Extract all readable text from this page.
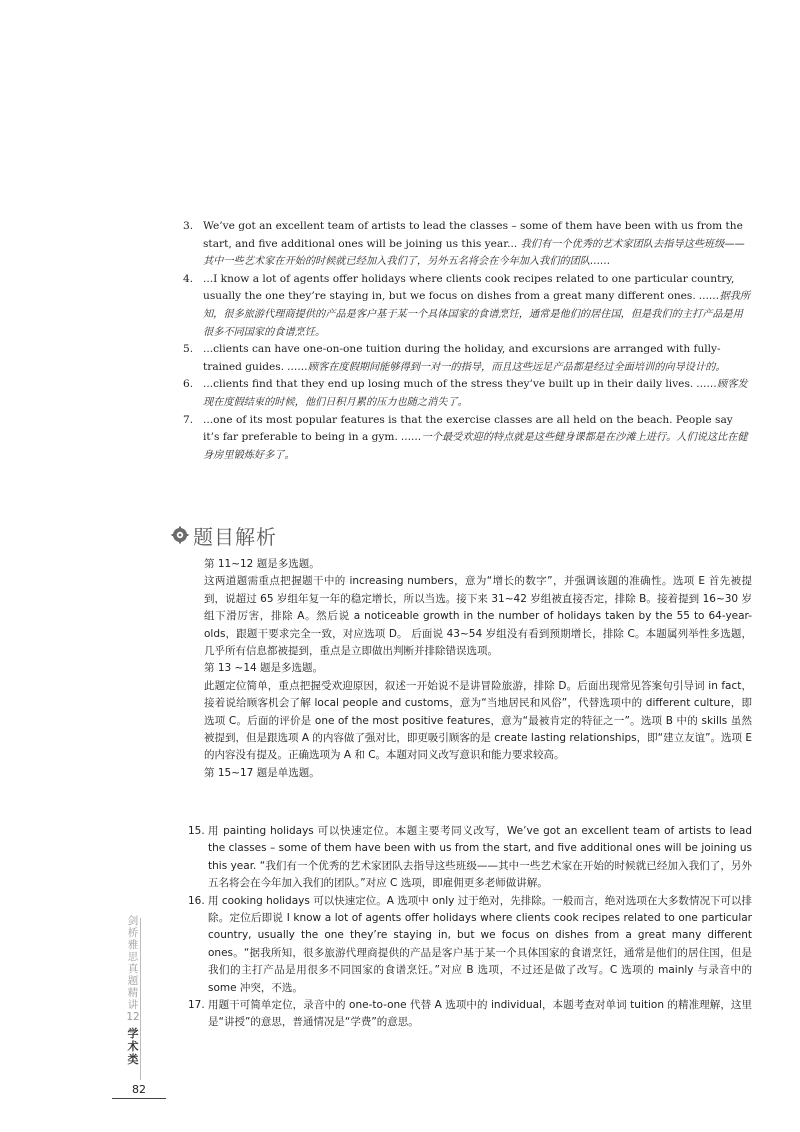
3. We’ve got an excellent team of artists to lead the classes – some of them have been with us from the start, and five additional ones will be joining us this year... 我们有一个优秀的艺术家团队去指导这些班级——其中一些艺术家在开始的时候就已经加入我们了，另外五名将会在今年加入我们的团队……
4. ...I know a lot of agents offer holidays where clients cook recipes related to one particular country, usually the one they’re staying in, but we focus on dishes from a great many different ones. ……据我所知，很多旅游代理商提供的产品是客户基于某一个具体国家的食谱烹饪，通常是他们的居住国，但是我们的主打产品是用很多不同国家的食谱烹饪。
5. ...clients can have one-on-one tuition during the holiday, and excursions are arranged with fully-trained guides. ……顾客在度假期间能够得到一对一的指导，而且这些远足产品都是经过全面培训的向导设计的。
6. ...clients find that they end up losing much of the stress they’ve built up in their daily lives. ……顾客发现在度假结束的时候，他们日积月累的压力也随之消失了。
7. ...one of its most popular features is that the exercise classes are all held on the beach. People say it’s far preferable to being in a gym. ……一个最受欢迎的特点就是这些健身课都是在沙滩上进行。人们说这比在健身房里锻炼好多了。
题目解析

第 11~12 题是多选题。

这两道题需重点把握题干中的 increasing numbers，意为“增长的数字”，并强调该题的准确性。选项 E 首先被提到，说超过 65 岁组年复一年的稳定增长，所以当选。接下来 31~42 岁组被直接否定，排除 B。接着提到 16~30 岁组下滑厉害，排除 A。然后说 a noticeable growth in the number of holidays taken by the 55 to 64-year-olds，跟题干要求完全一致，对应选项 D。 后面说 43~54 岁组没有看到预期增长，排除 C。本题属列举性多选题，几乎所有信息都被提到，重点是立即做出判断并排除错误选项。

第 13 ~14 题是多选题。

此题定位简单，重点把握受欢迎原因，叙述一开始说不是讲冒险旅游，排除 D。后面出现常见答案句引导词 in fact，接着说给顾客机会了解 local people and customs，意为“当地居民和风俗”，代替选项中的 different culture，即选项 C。后面的评价是 one of the most positive features，意为“最被肯定的特征之一”。选项 B 中的 skills 虽然被提到，但是跟选项 A 的内容做了强对比，即更吸引顾客的是 create lasting relationships，即“建立友谊”。选项 E 的内容没有提及。正确选项为 A 和 C。本题对同义改写意识和能力要求较高。

第 15~17 题是单选题。

15. 用 painting holidays 可以快速定位。本题主要考同义改写，We’ve got an excellent team of artists to lead the classes – some of them have been with us from the start, and five additional ones will be joining us this year. “我们有一个优秀的艺术家团队去指导这些班级——其中一些艺术家在开始的时候就已经加入我们了，另外五名将会在今年加入我们的团队。”对应 C 选项，即雇佣更多老师做讲解。
16. 用 cooking holidays 可以快速定位。A 选项中 only 过于绝对，先排除。一般而言，绝对选项在大多数情况下可以排除。定位后即说 I know a lot of agents offer holidays where clients cook recipes related to one particular country, usually the one they’re staying in, but we focus on dishes from a great many different ones。“据我所知，很多旅游代理商提供的产品是客户基于某一个具体国家的食谱烹饪，通常是他们的居住国，但是我们的主打产品是用很多不同国家的食谱烹饪。”对应 B 选项，不过还是做了改写。C 选项的 mainly 与录音中的 some 冲突，不选。
17. 用题干可简单定位，录音中的 one-to-one 代替 A 选项中的 individual，本题考查对单词 tuition 的精准理解，这里是“讲授”的意思，普通情况是“学费”的意思。
剑
桥
雅
思
真
题
精
讲
12
学
术
类
82
